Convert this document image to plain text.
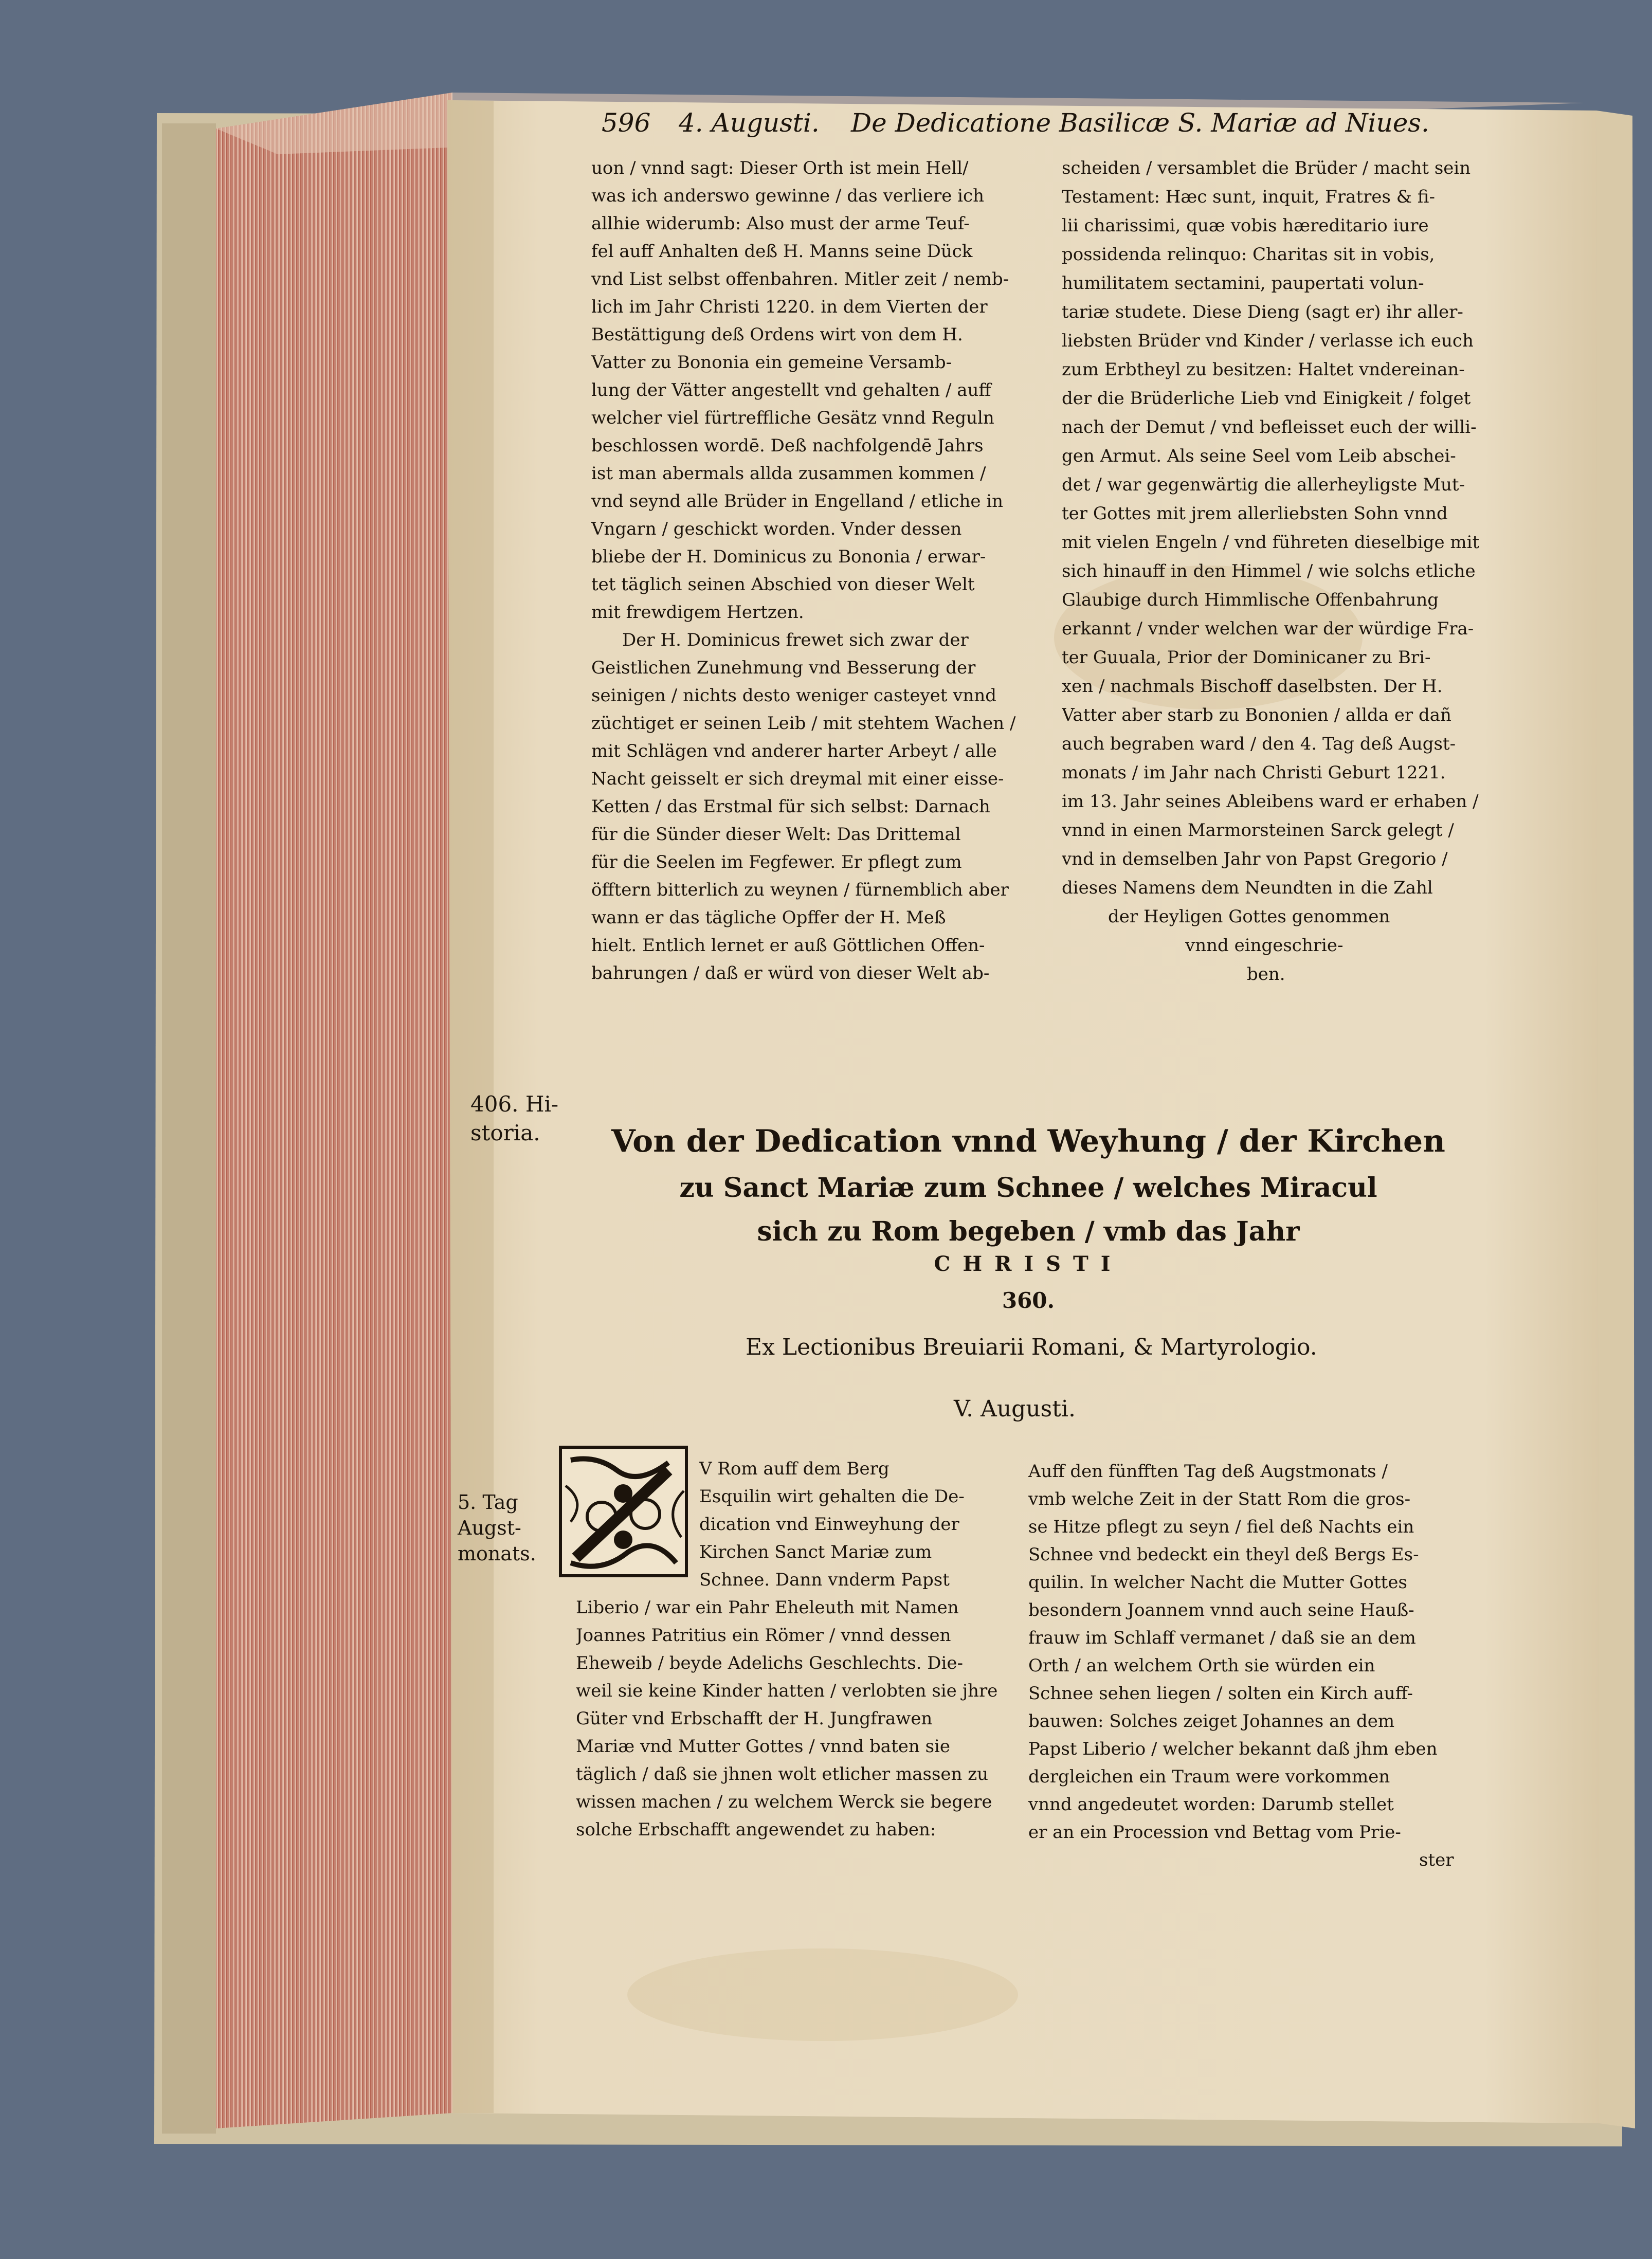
596 4. Augusti. De Dedicatione Basilicæ S. Mariæ ad Niues.
uon / vnnd sagt: Dieser Orth ist mein Hell/
was ich anderswo gewinne / das verliere ich
allhie widerumb: Also must der arme Teuf-
fel auff Anhalten deß H. Manns seine Dück
vnd List selbst offenbahren. Mitler zeit / nemb-
lich im Jahr Christi 1220. in dem Vierten der
Bestättigung deß Ordens wirt von dem H.
Vatter zu Bononia ein gemeine Versamb-
lung der Vätter angestellt vnd gehalten / auff
welcher viel fürtreffliche Gesätz vnnd Reguln
beschlossen wordē. Deß nachfolgendē Jahrs
ist man abermals allda zusammen kommen /
vnd seynd alle Brüder in Engelland / etliche in
Vngarn / geschickt worden. Vnder dessen
bliebe der H. Dominicus zu Bononia / erwar-
tet täglich seinen Abschied von dieser Welt
mit frewdigem Hertzen.
Der H. Dominicus frewet sich zwar der
Geistlichen Zunehmung vnd Besserung der
seinigen / nichts desto weniger casteyet vnnd
züchtiget er seinen Leib / mit stehtem Wachen /
mit Schlägen vnd anderer harter Arbeyt / alle
Nacht geisselt er sich dreymal mit einer eisse-
Ketten / das Erstmal für sich selbst: Darnach
für die Sünder dieser Welt: Das Drittemal
für die Seelen im Fegfewer. Er pflegt zum
öfftern bitterlich zu weynen / fürnemblich aber
wann er das tägliche Opffer der H. Meß
hielt. Entlich lernet er auß Göttlichen Offen-
bahrungen / daß er würd von dieser Welt ab-
scheiden / versamblet die Brüder / macht sein
Testament: Hæc sunt, inquit, Fratres & fi-
lii charissimi, quæ vobis hæreditario iure
possidenda relinquo: Charitas sit in vobis,
humilitatem sectamini, paupertati volun-
tariæ studete. Diese Dieng (sagt er) ihr aller-
liebsten Brüder vnd Kinder / verlasse ich euch
zum Erbtheyl zu besitzen: Haltet vndereinan-
der die Brüderliche Lieb vnd Einigkeit / folget
nach der Demut / vnd befleisset euch der willi-
gen Armut. Als seine Seel vom Leib abschei-
det / war gegenwärtig die allerheyligste Mut-
ter Gottes mit jrem allerliebsten Sohn vnnd
mit vielen Engeln / vnd führeten dieselbige mit
sich hinauff in den Himmel / wie solchs etliche
Glaubige durch Himmlische Offenbahrung
erkannt / vnder welchen war der würdige Fra-
ter Guuala, Prior der Dominicaner zu Bri-
xen / nachmals Bischoff daselbsten. Der H.
Vatter aber starb zu Bononien / allda er dañ
auch begraben ward / den 4. Tag deß Augst-
monats / im Jahr nach Christi Geburt 1221.
im 13. Jahr seines Ableibens ward er erhaben /
vnnd in einen Marmorsteinen Sarck gelegt /
vnd in demselben Jahr von Papst Gregorio /
dieses Namens dem Neundten in die Zahl
der Heyligen Gottes genommen
vnnd eingeschrie-
ben.
406. Hi-
storia.	Von der Dedication vnnd Weyhung / der Kirchen
zu Sanct Mariæ zum Schnee / welches Miracul
sich zu Rom begeben / vmb das Jahr
CHRISTI
360.
Ex Lectionibus Breuiarii Romani, & Martyrologio.
V. Augusti.
5. Tag
Augst-
monats.
V Rom auff dem Berg
Esquilin wirt gehalten die De-
dication vnd Einweyhung der
Kirchen Sanct Mariæ zum
Schnee. Dann vnderm Papst
Liberio / war ein Pahr Eheleuth mit Namen
Joannes Patritius ein Römer / vnnd dessen
Eheweib / beyde Adelichs Geschlechts. Die-
weil sie keine Kinder hatten / verlobten sie jhre
Güter vnd Erbschafft der H. Jungfrawen
Mariæ vnd Mutter Gottes / vnnd baten sie
täglich / daß sie jhnen wolt etlicher massen zu
wissen machen / zu welchem Werck sie begere
solche Erbschafft angewendet zu haben:
Auff den fünfften Tag deß Augstmonats /
vmb welche Zeit in der Statt Rom die gros-
se Hitze pflegt zu seyn / fiel deß Nachts ein
Schnee vnd bedeckt ein theyl deß Bergs Es-
quilin. In welcher Nacht die Mutter Gottes
besondern Joannem vnnd auch seine Hauß-
frauw im Schlaff vermanet / daß sie an dem
Orth / an welchem Orth sie würden ein
Schnee sehen liegen / solten ein Kirch auff-
bauwen: Solches zeiget Johannes an dem
Papst Liberio / welcher bekannt daß jhm eben
dergleichen ein Traum were vorkommen
vnnd angedeutet worden: Darumb stellet
er an ein Procession vnd Bettag vom Prie-
ster
